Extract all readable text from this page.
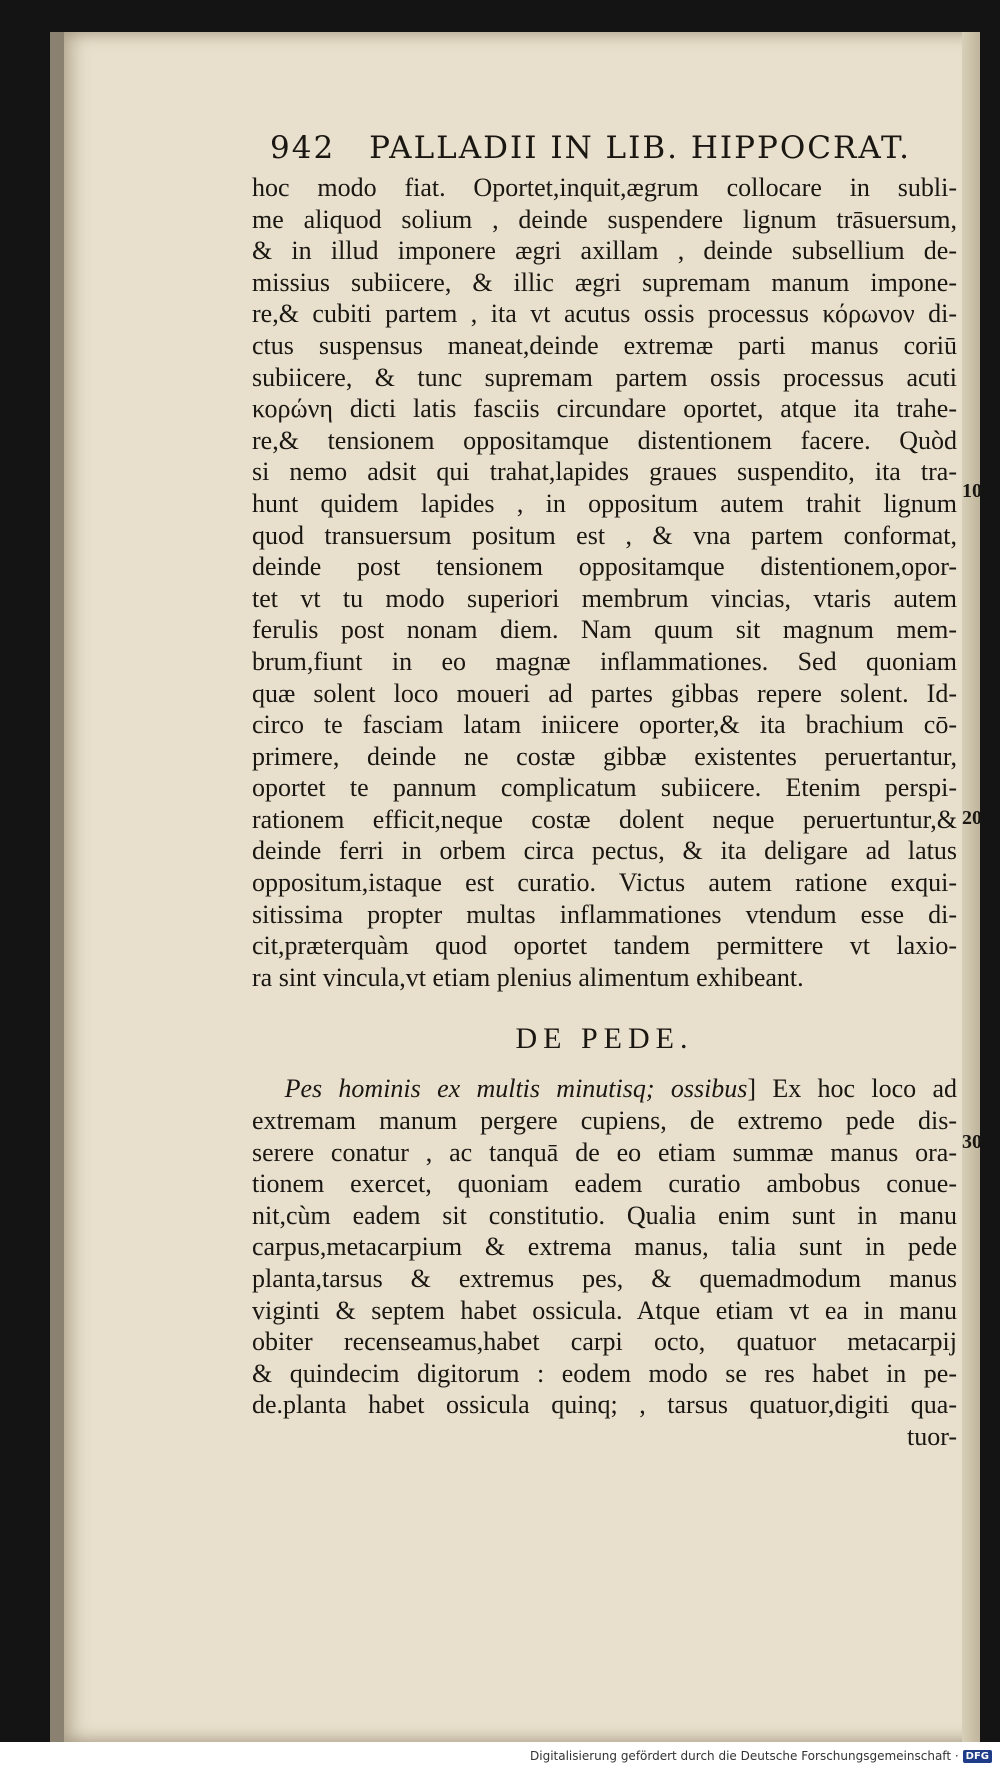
942 PALLADII IN LIB. HIPPOCRAT.
hoc modo fiat. Oportet,inquit,ægrum collocare in subli-
me aliquod solium , deinde suspendere lignum trāsuersum,
& in illud imponere ægri axillam , deinde subsellium de-
missius subiicere, & illic ægri supremam manum impone-
re,& cubiti partem , ita vt acutus ossis processus κόρωνον di-
ctus suspensus maneat,deinde extremæ parti manus coriū
subiicere, & tunc supremam partem ossis processus acuti
κορώνη dicti latis fasciis circundare oportet, atque ita trahe-
re,& tensionem oppositamque distentionem facere. Quòd
si nemo adsit qui trahat,lapides graues suspendito, ita tra-
hunt quidem lapides , in oppositum autem trahit lignum
quod transuersum positum est , & vna partem conformat,
deinde post tensionem oppositamque distentionem,opor-
tet vt tu modo superiori membrum vincias, vtaris autem
ferulis post nonam diem. Nam quum sit magnum mem-
brum,fiunt in eo magnæ inflammationes. Sed quoniam
quæ solent loco moueri ad partes gibbas repere solent. Id-
circo te fasciam latam iniicere oporter,& ita brachium cō-
primere, deinde ne costæ gibbæ existentes peruertantur,
oportet te pannum complicatum subiicere. Etenim perspi-
rationem efficit,neque costæ dolent neque peruertuntur,&
deinde ferri in orbem circa pectus, & ita deligare ad latus
oppositum,istaque est curatio. Victus autem ratione exqui-
sitissima propter multas inflammationes vtendum esse di-
cit,præterquàm quod oportet tandem permittere vt laxio-
ra sint vincula,vt etiam plenius alimentum exhibeant.
DE PEDE.
Pes hominis ex multis minutisq; ossibus] Ex hoc loco ad
extremam manum pergere cupiens, de extremo pede dis-
serere conatur , ac tanquā de eo etiam summæ manus ora-
tionem exercet, quoniam eadem curatio ambobus conue-
nit,cùm eadem sit constitutio. Qualia enim sunt in manu
carpus,metacarpium & extrema manus, talia sunt in pede
planta,tarsus & extremus pes, & quemadmodum manus
viginti & septem habet ossicula. Atque etiam vt ea in manu
obiter recenseamus,habet carpi octo, quatuor metacarpij
& quindecim digitorum : eodem modo se res habet in pe-
de.planta habet ossicula quinq; , tarsus quatuor,digiti qua-
tuor-
10
20
30
Digitalisierung gefördert durch die Deutsche Forschungsgemeinschaft · DFG
